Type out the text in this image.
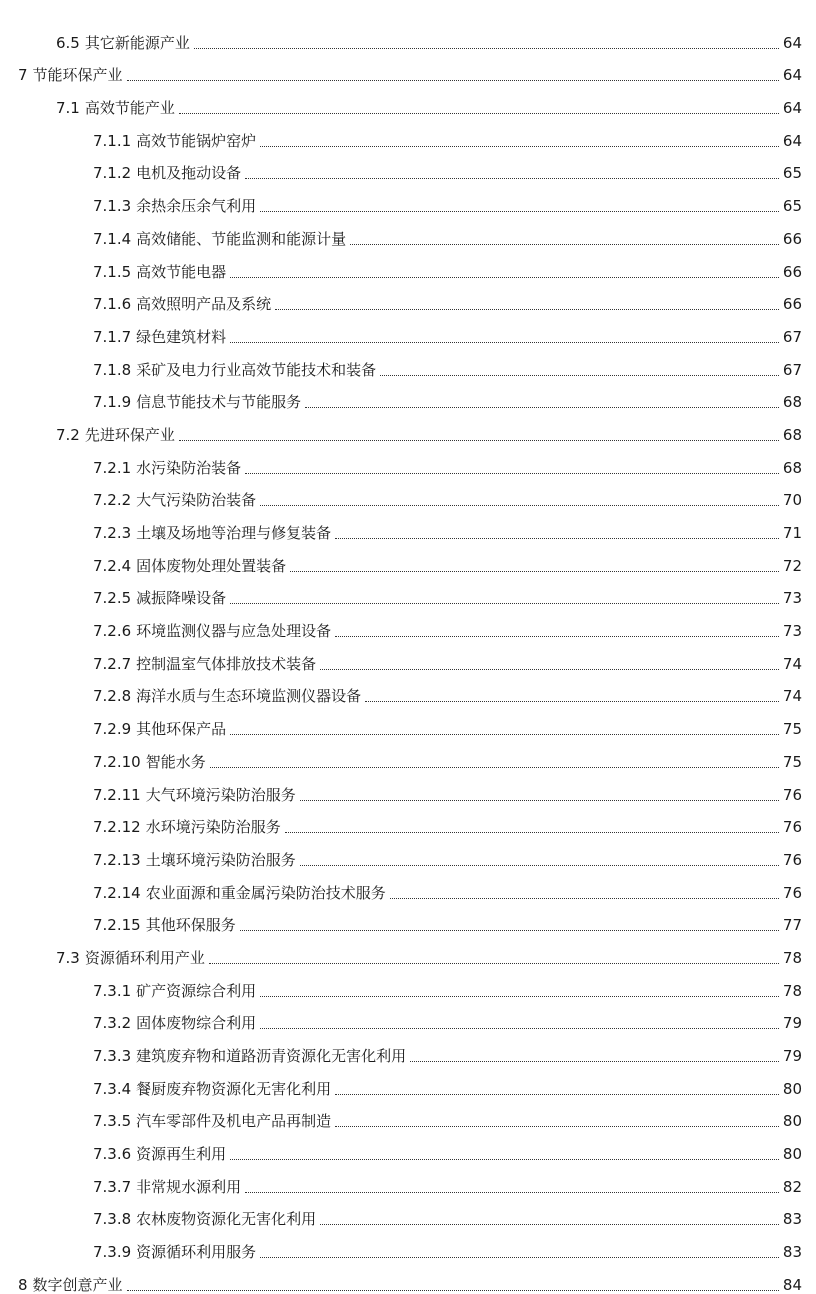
6.5 其它新能源产业	64
7 节能环保产业	64
7.1 高效节能产业	64
7.1.1 高效节能锅炉窑炉	64
7.1.2 电机及拖动设备	65
7.1.3 余热余压余气利用	65
7.1.4 高效储能、节能监测和能源计量	66
7.1.5 高效节能电器	66
7.1.6 高效照明产品及系统	66
7.1.7 绿色建筑材料	67
7.1.8 采矿及电力行业高效节能技术和装备	67
7.1.9 信息节能技术与节能服务	68
7.2 先进环保产业	68
7.2.1 水污染防治装备	68
7.2.2 大气污染防治装备	70
7.2.3 土壤及场地等治理与修复装备	71
7.2.4 固体废物处理处置装备	72
7.2.5 减振降噪设备	73
7.2.6 环境监测仪器与应急处理设备	73
7.2.7 控制温室气体排放技术装备	74
7.2.8 海洋水质与生态环境监测仪器设备	74
7.2.9 其他环保产品	75
7.2.10 智能水务	75
7.2.11 大气环境污染防治服务	76
7.2.12 水环境污染防治服务	76
7.2.13 土壤环境污染防治服务	76
7.2.14 农业面源和重金属污染防治技术服务	76
7.2.15 其他环保服务	77
7.3 资源循环利用产业	78
7.3.1 矿产资源综合利用	78
7.3.2 固体废物综合利用	79
7.3.3 建筑废弃物和道路沥青资源化无害化利用	79
7.3.4 餐厨废弃物资源化无害化利用	80
7.3.5 汽车零部件及机电产品再制造	80
7.3.6 资源再生利用	80
7.3.7 非常规水源利用	82
7.3.8 农林废物资源化无害化利用	83
7.3.9 资源循环利用服务	83
8 数字创意产业	84
